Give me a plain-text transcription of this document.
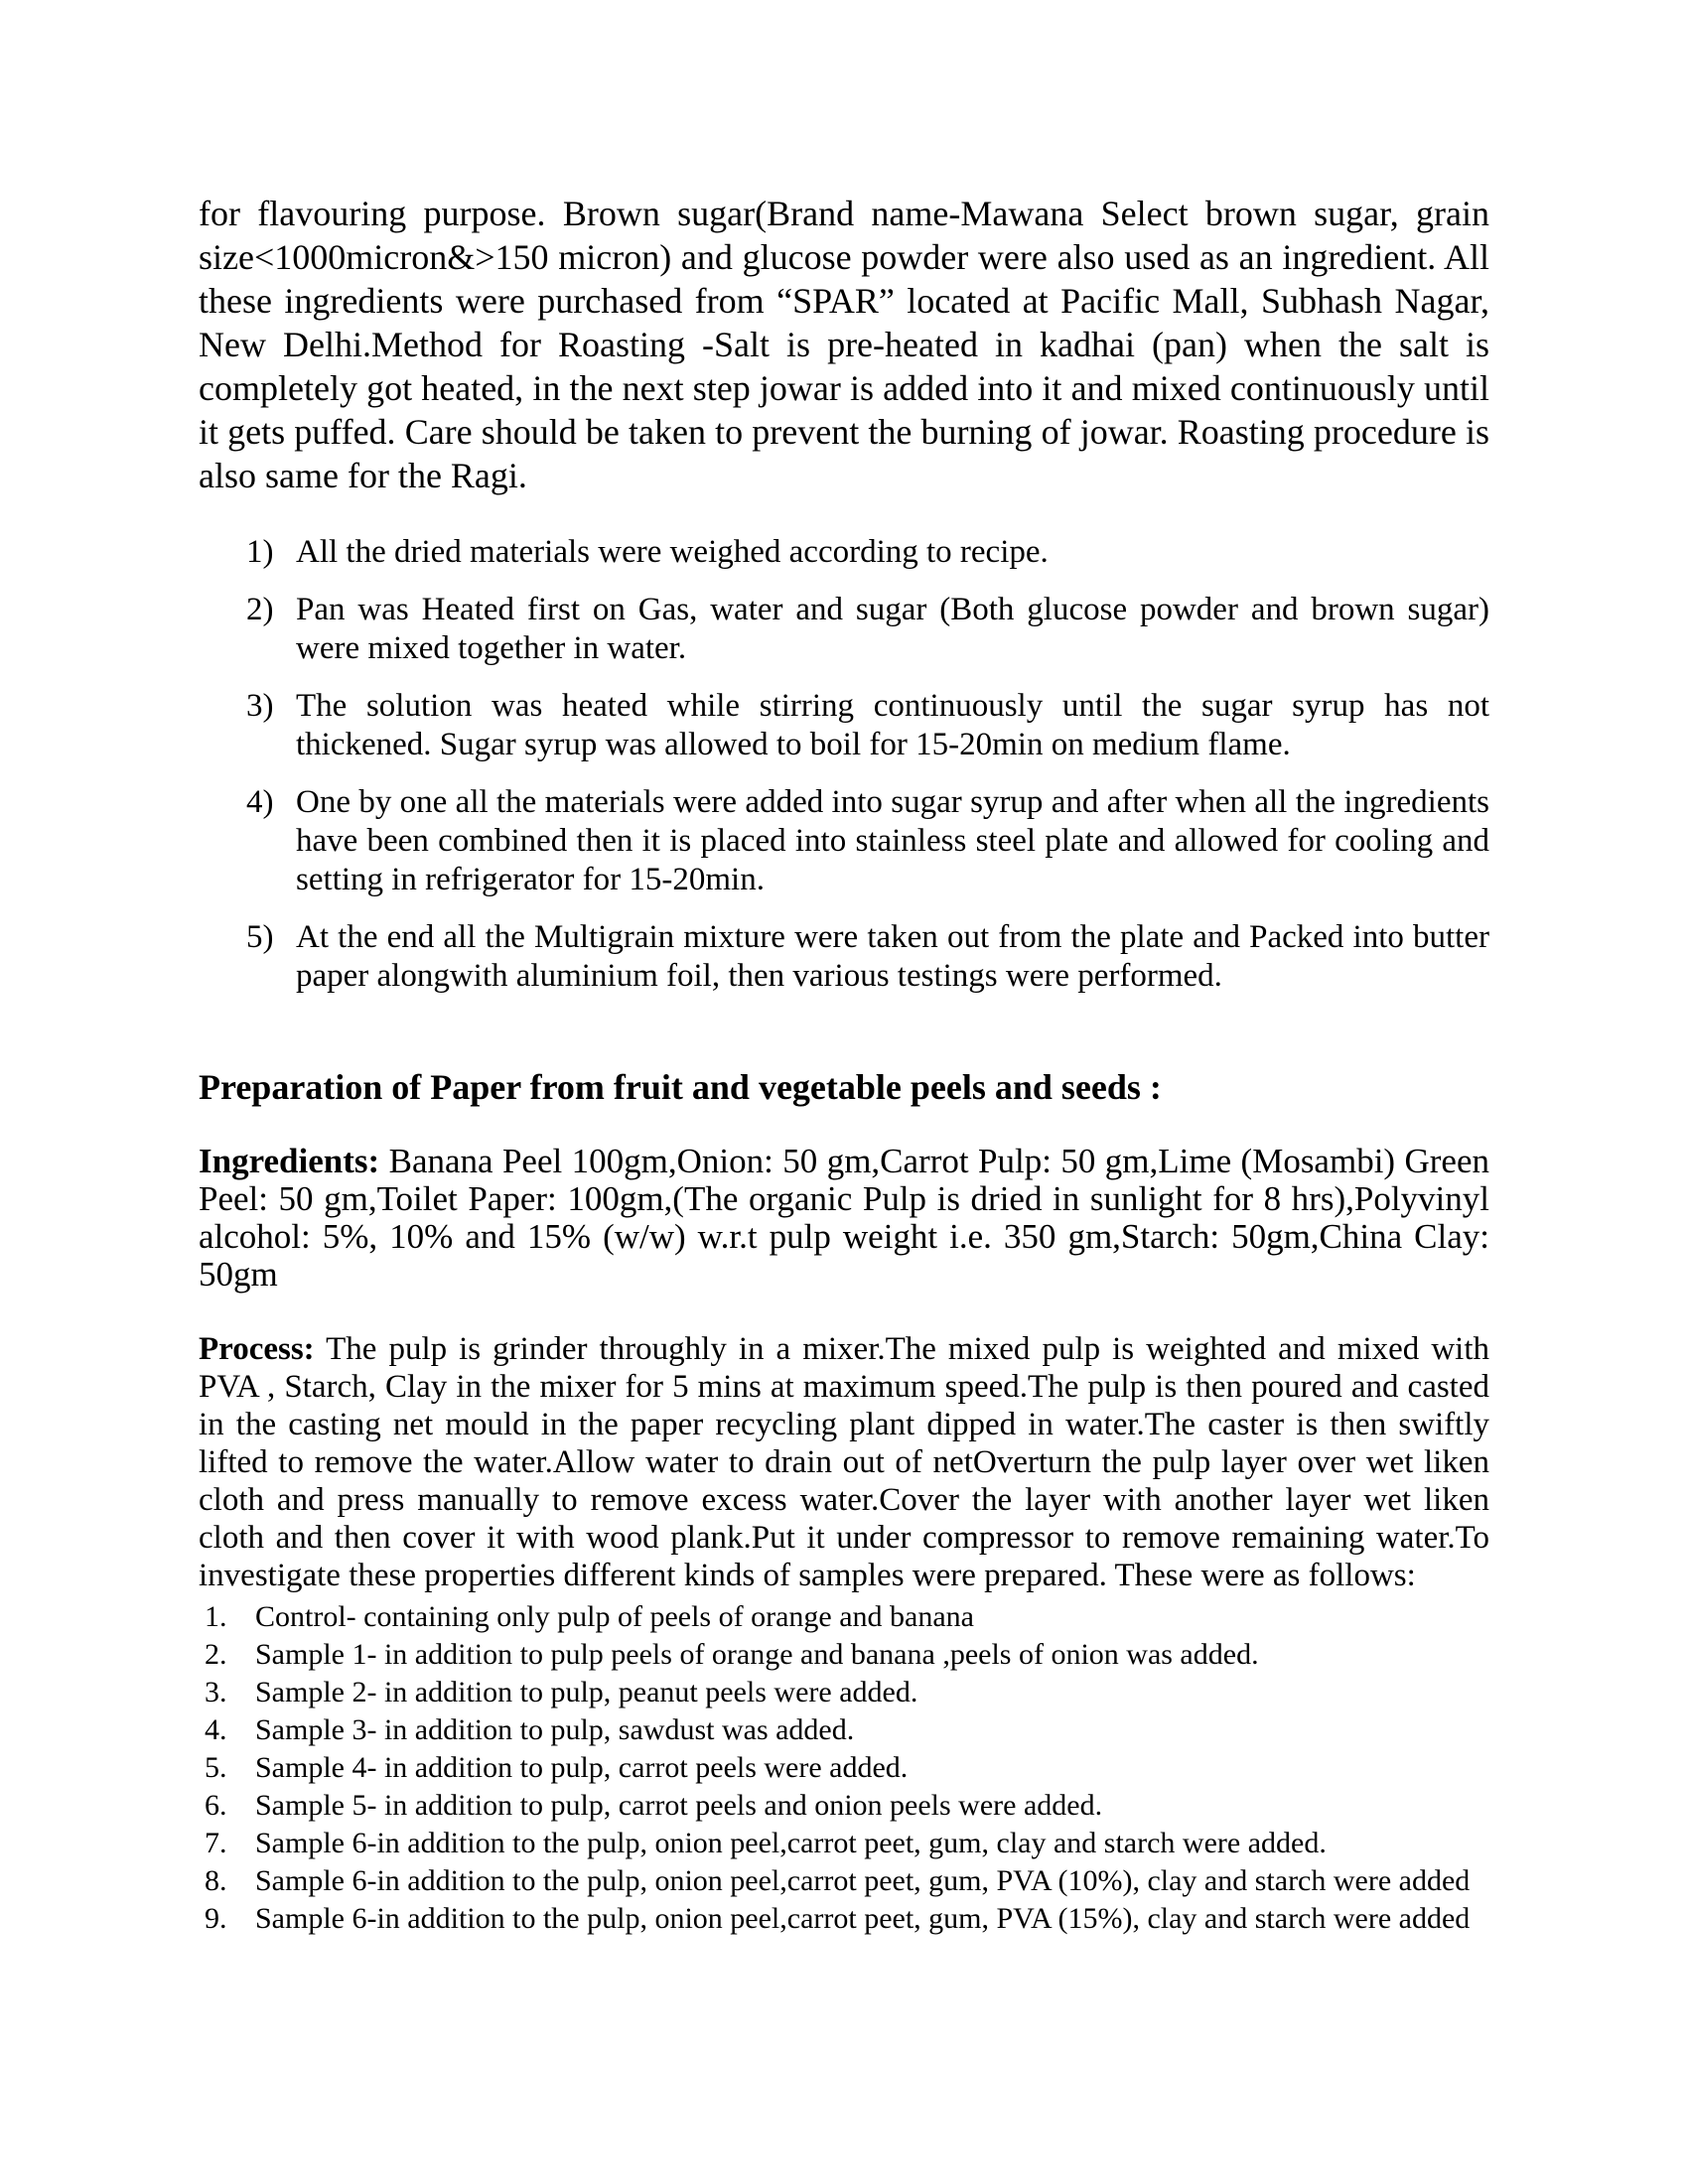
for flavouring purpose. Brown sugar(Brand name-Mawana Select brown sugar, grain size<1000micron&>150 micron) and glucose powder were also used as an ingredient. All these ingredients were purchased from “SPAR” located at Pacific Mall, Subhash Nagar, New Delhi.Method for Roasting -Salt is pre-heated in kadhai (pan) when the salt is completely got heated, in the next step jowar is added into it and mixed continuously until it gets puffed. Care should be taken to prevent the burning of jowar. Roasting procedure is also same for the Ragi.

1) All the dried materials were weighed according to recipe.
2) Pan was Heated first on Gas, water and sugar (Both glucose powder and brown sugar) were mixed together in water.
3) The solution was heated while stirring continuously until the sugar syrup has not thickened. Sugar syrup was allowed to boil for 15-20min on medium flame.
4) One by one all the materials were added into sugar syrup and after when all the ingredients have been combined then it is placed into stainless steel plate and allowed for cooling and setting in refrigerator for 15-20min.
5) At the end all the Multigrain mixture were taken out from the plate and Packed into butter paper alongwith aluminium foil, then various testings were performed.
Preparation of Paper from fruit and vegetable peels and seeds :

Ingredients: Banana Peel 100gm,Onion: 50 gm,Carrot Pulp: 50 gm,Lime (Mosambi) Green Peel: 50 gm,Toilet Paper: 100gm,(The organic Pulp is dried in sunlight for 8 hrs),Polyvinyl alcohol: 5%, 10% and 15% (w/w) w.r.t pulp weight i.e. 350 gm,Starch: 50gm,China Clay: 50gm

Process: The pulp is grinder throughly in a mixer.The mixed pulp is weighted and mixed with PVA , Starch, Clay in the mixer for 5 mins at maximum speed.The pulp is then poured and casted in the casting net mould in the paper recycling plant dipped in water.The caster is then swiftly lifted to remove the water.Allow water to drain out of netOverturn the pulp layer over wet liken cloth and press manually to remove excess water.Cover the layer with another layer wet liken cloth and then cover it with wood plank.Put it under compressor to remove remaining water.To investigate these properties different kinds of samples were prepared. These were as follows:

1. Control- containing only pulp of peels of orange and banana
2. Sample 1- in addition to pulp peels of orange and banana ,peels of onion was added.
3. Sample 2- in addition to pulp, peanut peels were added.
4. Sample 3- in addition to pulp, sawdust was added.
5. Sample 4- in addition to pulp, carrot peels were added.
6. Sample 5- in addition to pulp, carrot peels and onion peels were added.
7. Sample 6-in addition to the pulp, onion peel,carrot peet, gum, clay and starch were added.
8. Sample 6-in addition to the pulp, onion peel,carrot peet, gum, PVA (10%), clay and starch were added
9. Sample 6-in addition to the pulp, onion peel,carrot peet, gum, PVA (15%), clay and starch were added
